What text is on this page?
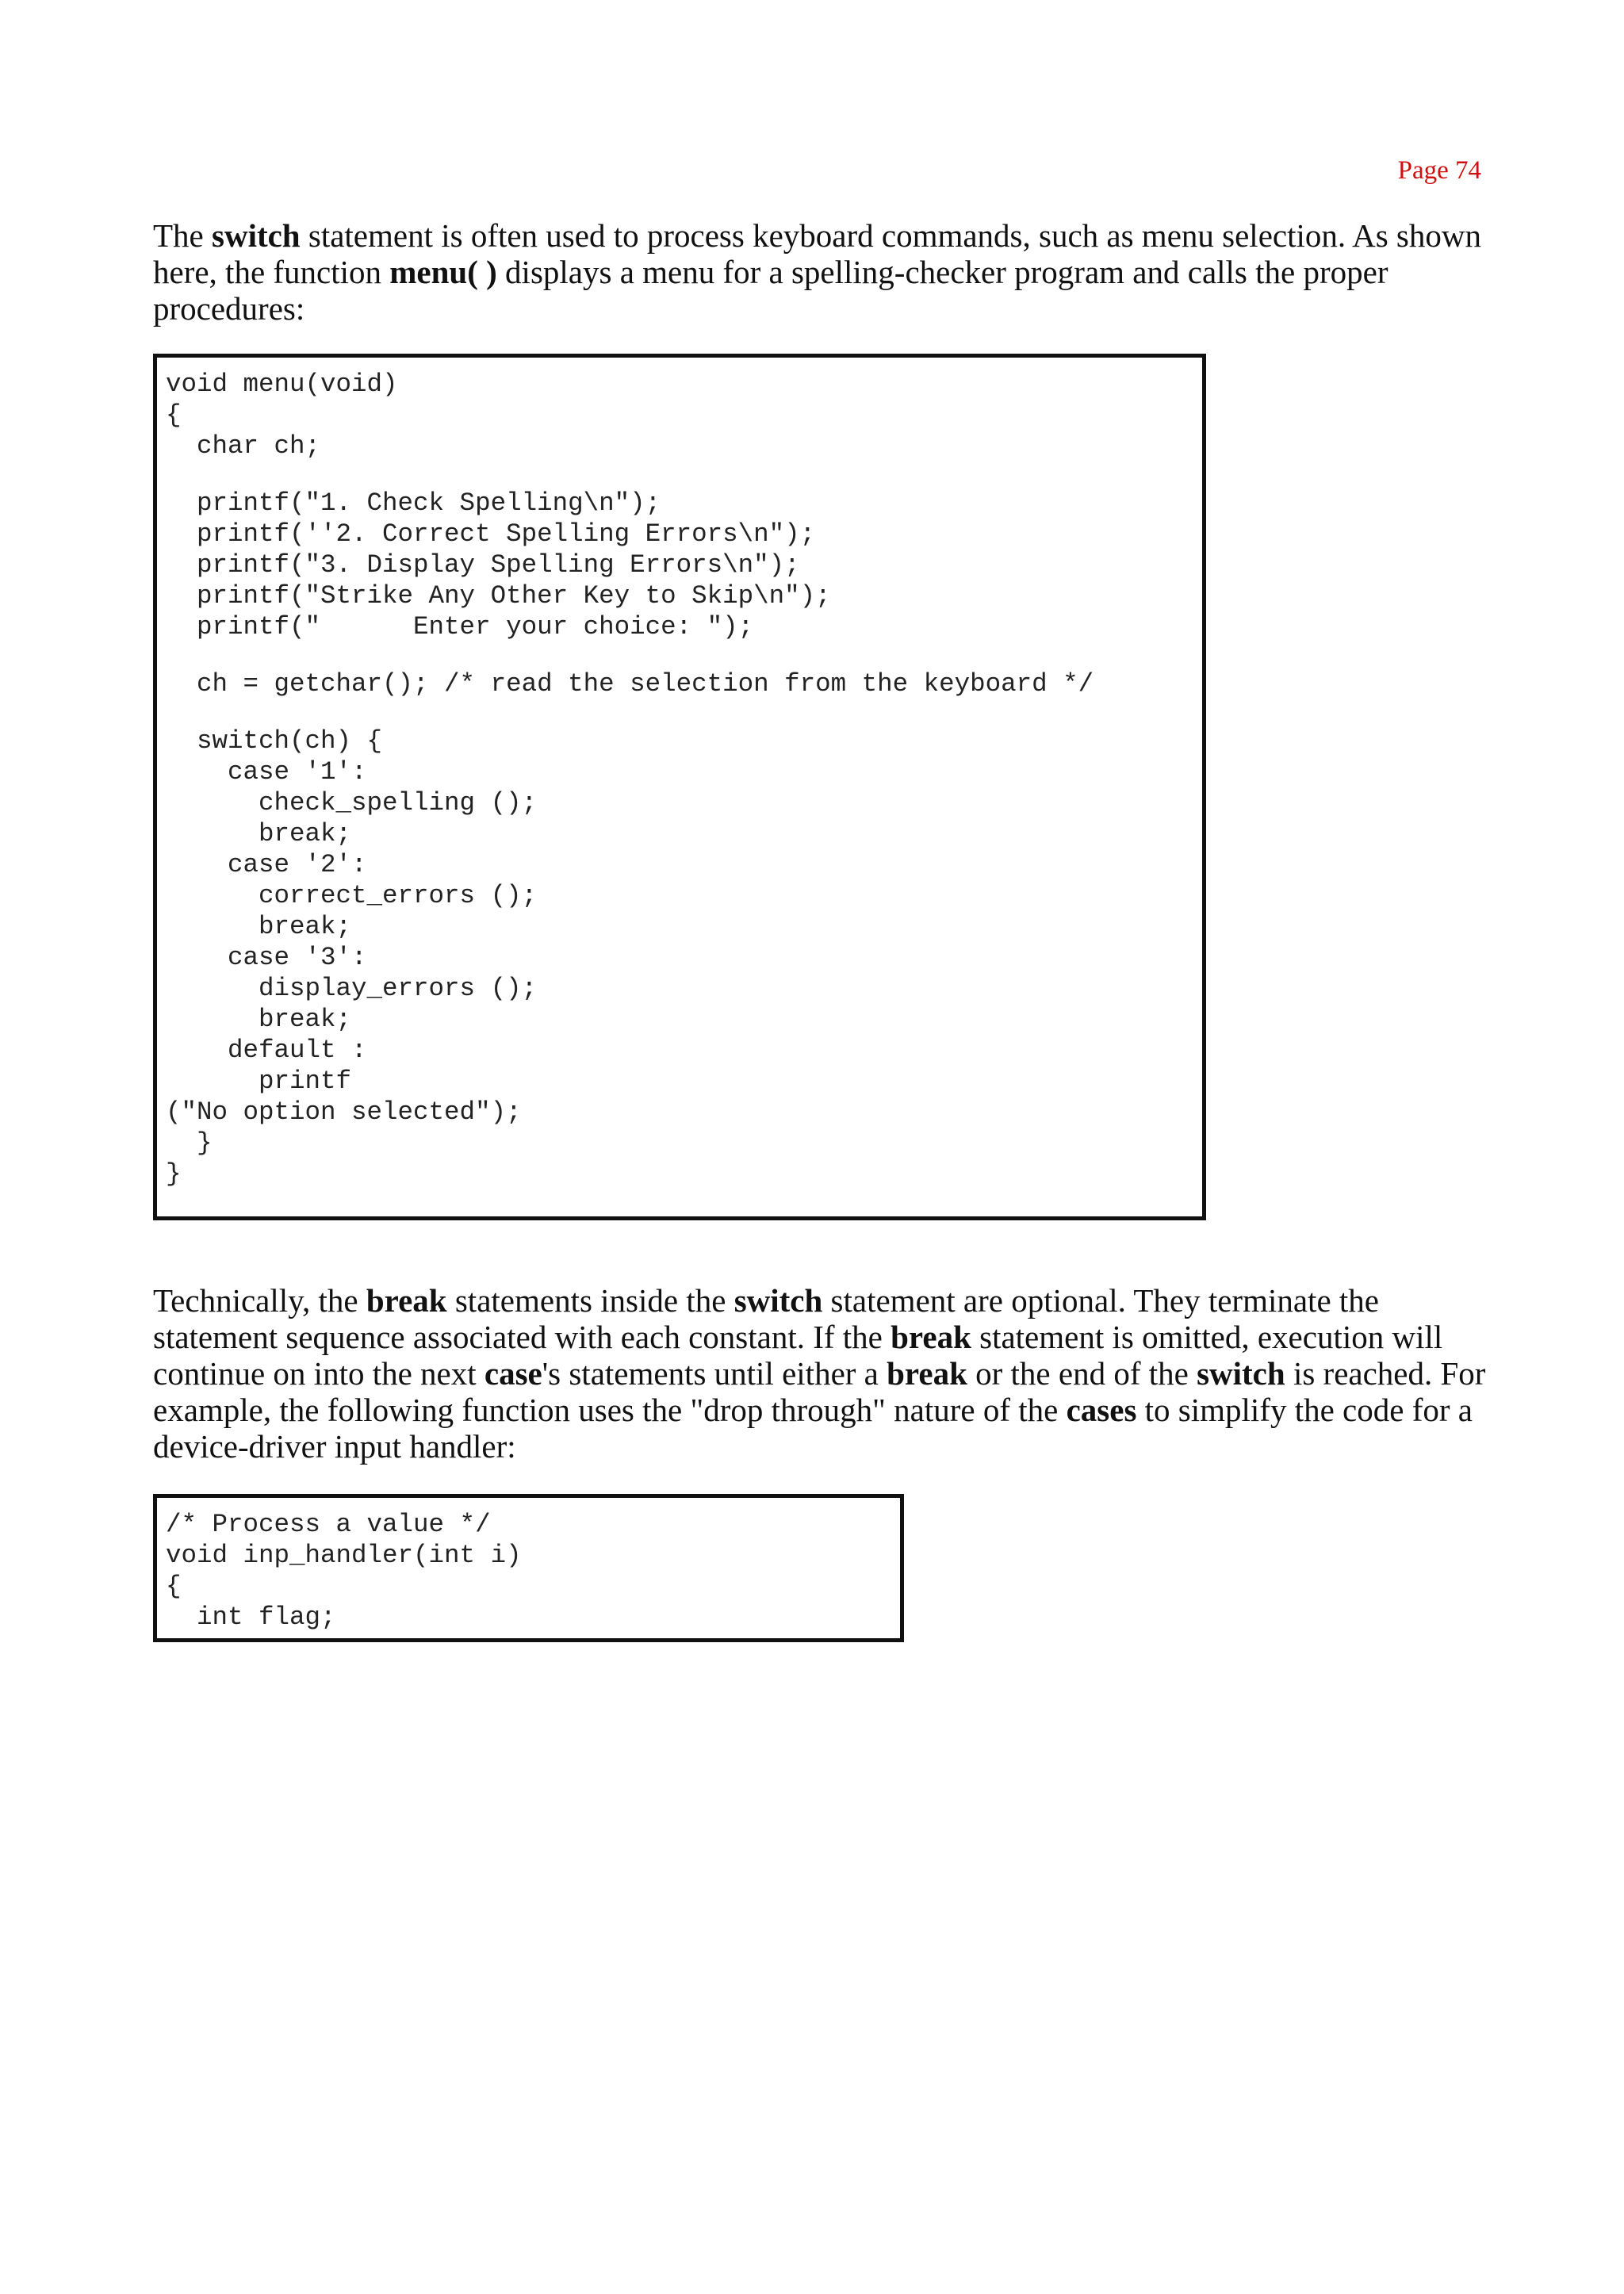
Page 74

The switch statement is often used to process keyboard commands, such as menu selection. As shown here, the function menu( ) displays a menu for a spelling-checker program and calls the proper procedures:

void menu(void)
{
char ch;
printf("1. Check Spelling\n");
printf(''2. Correct Spelling Errors\n");
printf("3. Display Spelling Errors\n");
printf("Strike Any Other Key to Skip\n");
printf("      Enter your choice: ");
ch = getchar(); /* read the selection from the keyboard */
switch(ch) {
case '1':
check_spelling ();
break;
case '2':
correct_errors ();
break;
case '3':
display_errors ();
break;
default :
printf
("No option selected");
}
}

Technically, the break statements inside the switch statement are optional. They terminate the statement sequence associated with each constant. If the break statement is omitted, execution will continue on into the next case's statements until either a break or the end of the switch is reached. For example, the following function uses the "drop through" nature of the cases to simplify the code for a device-driver input handler:

/* Process a value */
void inp_handler(int i)
{
int flag;
